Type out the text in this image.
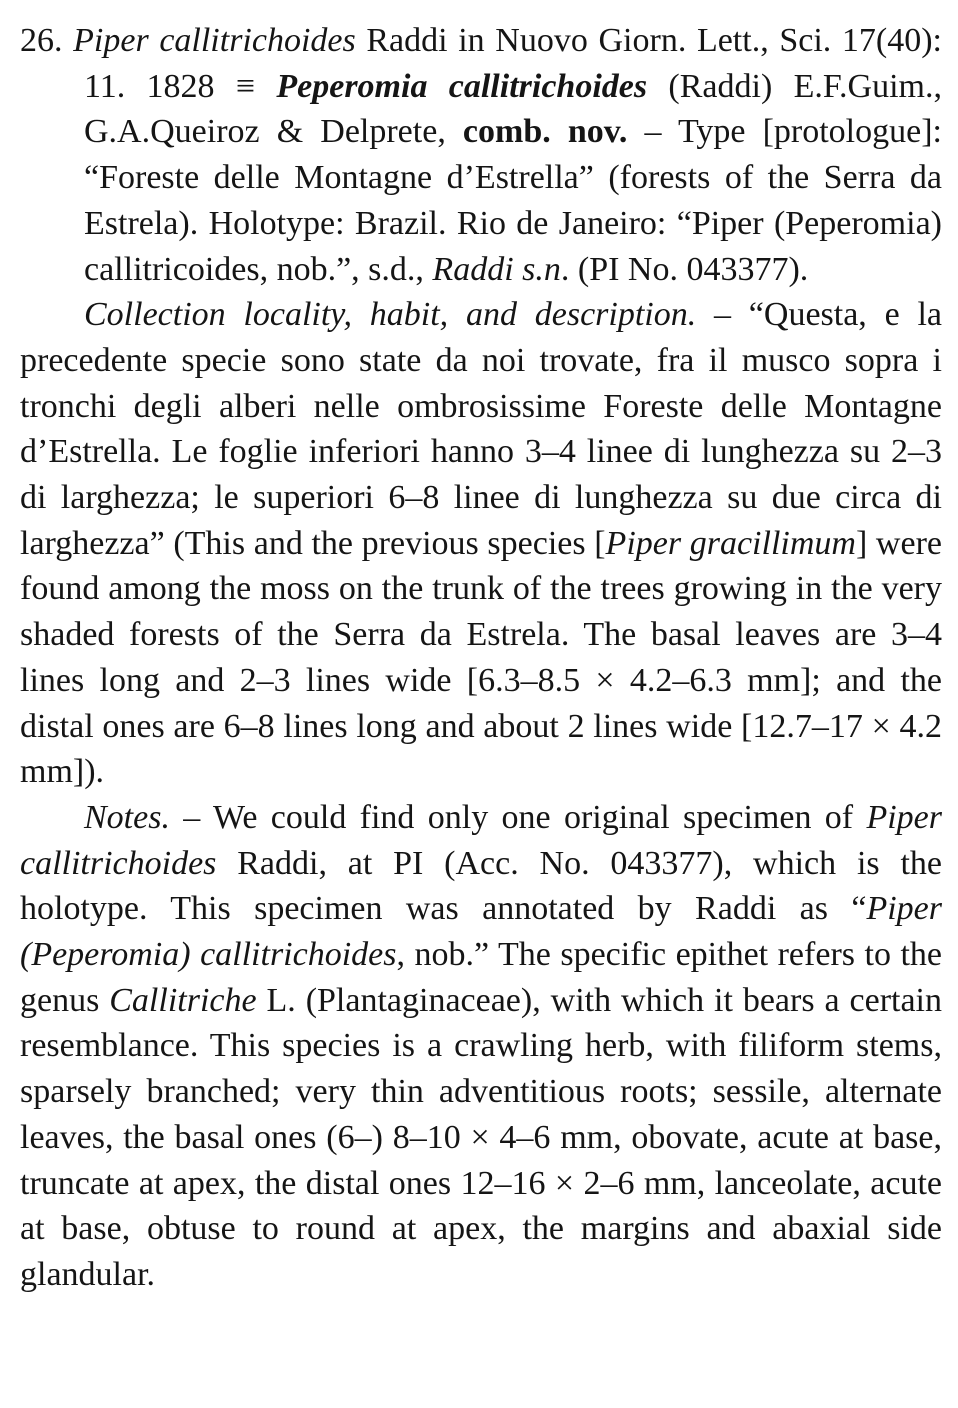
26. Piper callitrichoides Raddi in Nuovo Giorn. Lett., Sci. 17(40): 11. 1828 ≡ Peperomia callitrichoides (Raddi) E.F.Guim., G.A.Queiroz & Delprete, comb. nov. – Type [protologue]: “Foreste delle Montagne d’Estrella” (forests of the Serra da Estrela). Holotype: Brazil. Rio de Janeiro: “Piper (Peperomia) callitricoides, nob.”, s.d., Raddi s.n. (PI No. 043377).

Collection locality, habit, and description. – “Questa, e la precedente specie sono state da noi trovate, fra il musco sopra i tronchi degli alberi nelle ombrosissime Foreste delle Montagne d’Estrella. Le foglie inferiori hanno 3–4 linee di lunghezza su 2–3 di larghezza; le superiori 6–8 linee di lunghezza su due circa di larghezza” (This and the previous species [Piper gracillimum] were found among the moss on the trunk of the trees growing in the very shaded forests of the Serra da Estrela. The basal leaves are 3–4 lines long and 2–3 lines wide [6.3–8.5 × 4.2–6.3 mm]; and the distal ones are 6–8 lines long and about 2 lines wide [12.7–17 × 4.2 mm]).

Notes. – We could find only one original specimen of Piper callitrichoides Raddi, at PI (Acc. No. 043377), which is the holotype. This specimen was annotated by Raddi as “Piper (Peperomia) callitrichoides, nob.” The specific epithet refers to the genus Callitriche L. (Plantaginaceae), with which it bears a certain resemblance. This species is a crawling herb, with filiform stems, sparsely branched; very thin adventitious roots; sessile, alternate leaves, the basal ones (6–) 8–10 × 4–6 mm, obovate, acute at base, truncate at apex, the distal ones 12–16 × 2–6 mm, lanceolate, acute at base, obtuse to round at apex, the margins and abaxial side glandular.
